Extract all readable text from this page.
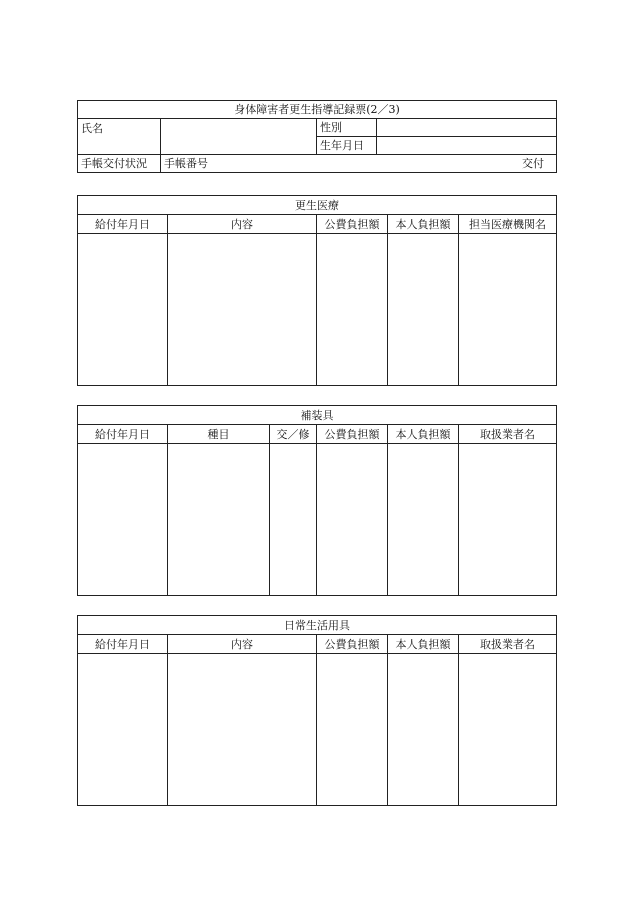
身体障害者更生指導記録票(2／3)			
氏名		性別	
		生年月日	
手帳交付状況	手帳番号 交付		
更生医療				
給付年月日	内容	公費負担額	本人負担額	担当医療機関名

補装具					
給付年月日	種目	交／修	公費負担額	本人負担額	取扱業者名

日常生活用具				
給付年月日	内容	公費負担額	本人負担額	取扱業者名
